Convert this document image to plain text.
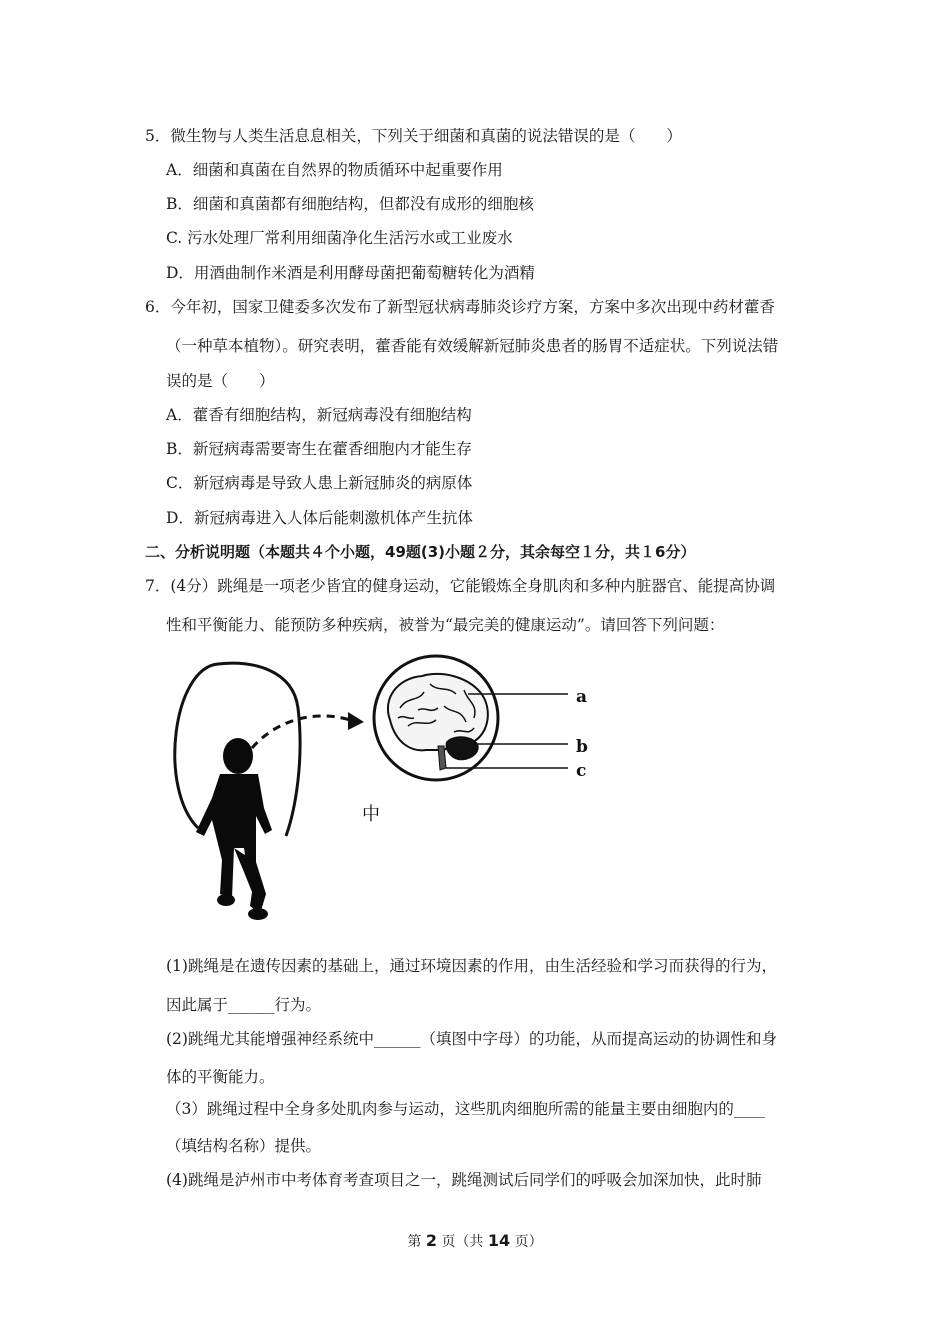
5．微生物与人类生活息息相关，下列关于细菌和真菌的说法错误的是（　　）
A．细菌和真菌在自然界的物质循环中起重要作用
B．细菌和真菌都有细胞结构，但都没有成形的细胞核
C. 污水处理厂常利用细菌净化生活污水或工业废水
D．用酒曲制作米酒是利用酵母菌把葡萄糖转化为酒精
6．今年初，国家卫健委多次发布了新型冠状病毒肺炎诊疗方案，方案中多次出现中药材藿香
（一种草本植物）。研究表明，藿香能有效缓解新冠肺炎患者的肠胃不适症状。下列说法错
误的是（　　）
A．藿香有细胞结构，新冠病毒没有细胞结构
B．新冠病毒需要寄生在藿香细胞内才能生存
C．新冠病毒是导致人患上新冠肺炎的病原体
D．新冠病毒进入人体后能刺激机体产生抗体
二、分析说明题（本题共４个小题，49题(3)小题２分，其余每空１分，共１6分）
7．(4分）跳绳是一项老少皆宜的健身运动，它能锻炼全身肌肉和多种内脏器官、能提高协调
性和平衡能力、能预防多种疾病，被誉为“最完美的健康运动”。请回答下列问题：
a
b
c
中
(1)跳绳是在遗传因素的基础上，通过环境因素的作用，由生活经验和学习而获得的行为，
因此属于______行为。
(2)跳绳尤其能增强神经系统中______（填图中字母）的功能，从而提高运动的协调性和身
体的平衡能力。
（3）跳绳过程中全身多处肌肉参与运动，这些肌肉细胞所需的能量主要由细胞内的____
（填结构名称）提供。
(4)跳绳是泸州市中考体育考查项目之一，跳绳测试后同学们的呼吸会加深加快，此时肺
第 2 页（共 14 页）
